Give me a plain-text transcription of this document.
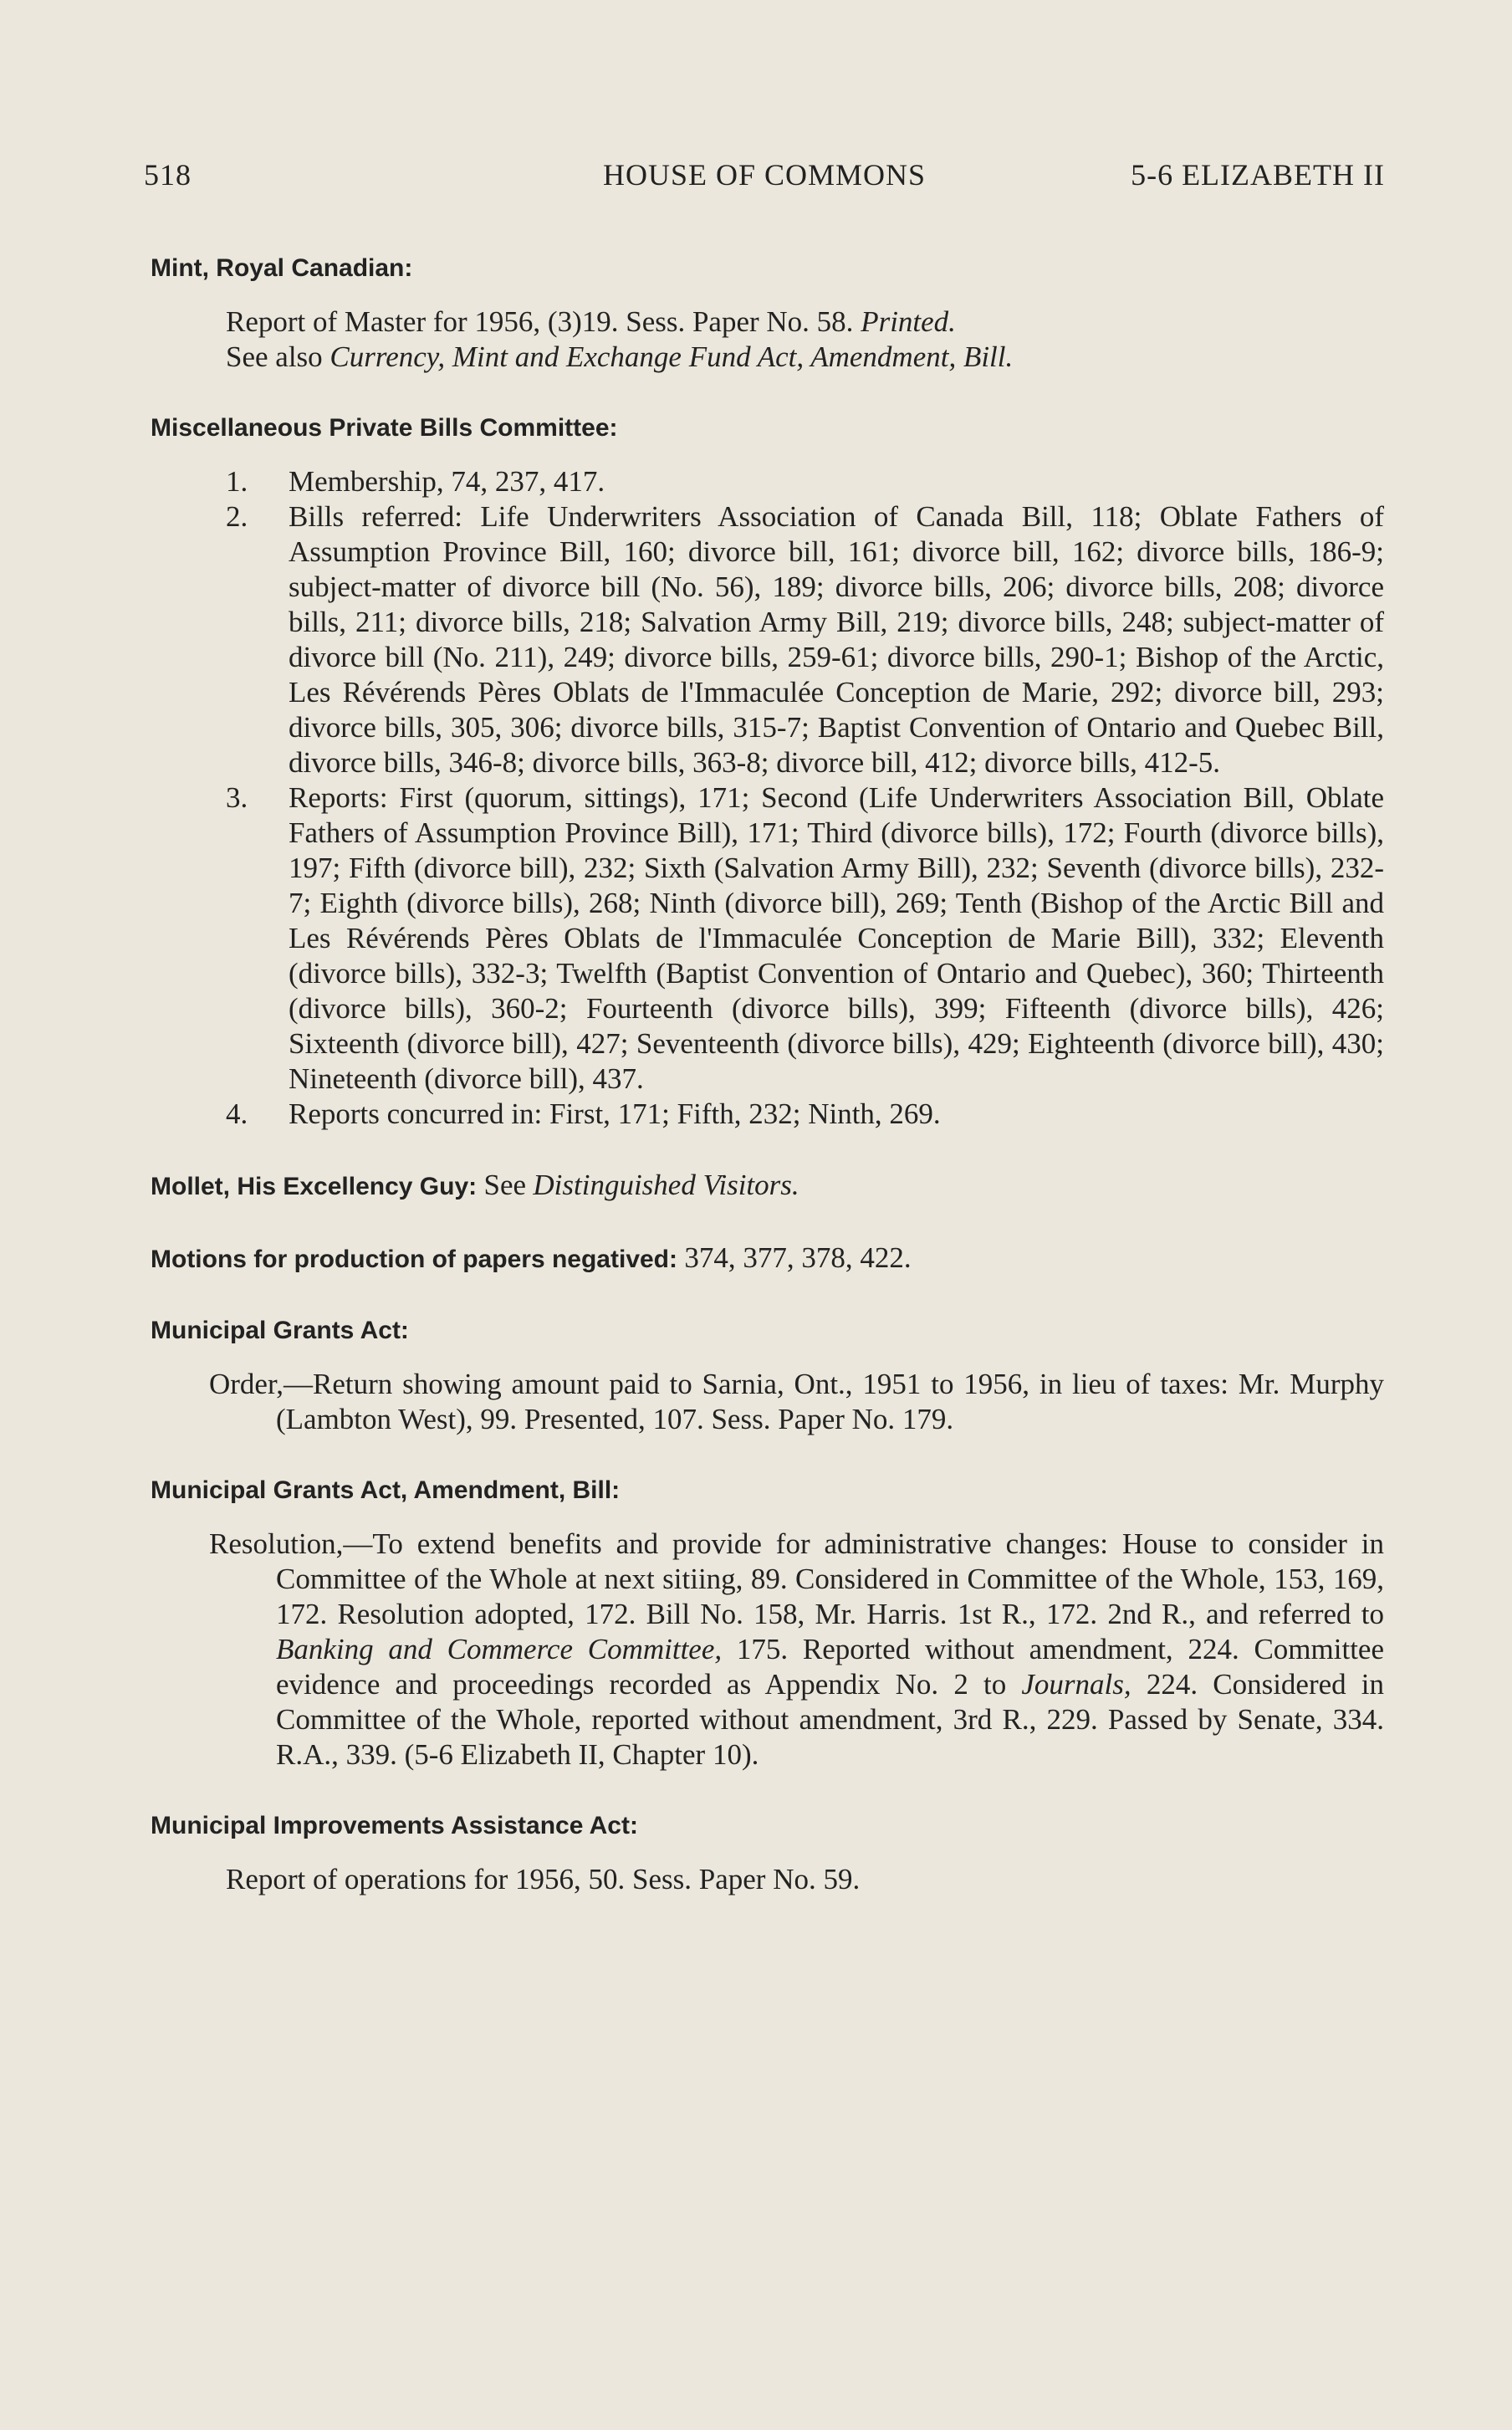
518	HOUSE OF COMMONS	5-6 ELIZABETH II
Mint, Royal Canadian:
Report of Master for 1956, (3)19. Sess. Paper No. 58. Printed.
See also Currency, Mint and Exchange Fund Act, Amendment, Bill.
Miscellaneous Private Bills Committee:
1.	Membership, 74, 237, 417.
2.	Bills referred: Life Underwriters Association of Canada Bill, 118; Oblate Fathers of Assumption Province Bill, 160; divorce bill, 161; divorce bill, 162; divorce bills, 186-9; subject-matter of divorce bill (No. 56), 189; divorce bills, 206; divorce bills, 208; divorce bills, 211; divorce bills, 218; Salvation Army Bill, 219; divorce bills, 248; subject-matter of divorce bill (No. 211), 249; divorce bills, 259-61; divorce bills, 290-1; Bishop of the Arctic, Les Révérends Pères Oblats de l'Immaculée Conception de Marie, 292; divorce bill, 293; divorce bills, 305, 306; divorce bills, 315-7; Baptist Convention of Ontario and Quebec Bill, divorce bills, 346-8; divorce bills, 363-8; divorce bill, 412; divorce bills, 412-5.
3.	Reports: First (quorum, sittings), 171; Second (Life Underwriters Association Bill, Oblate Fathers of Assumption Province Bill), 171; Third (divorce bills), 172; Fourth (divorce bills), 197; Fifth (divorce bill), 232; Sixth (Salvation Army Bill), 232; Seventh (divorce bills), 232-7; Eighth (divorce bills), 268; Ninth (divorce bill), 269; Tenth (Bishop of the Arctic Bill and Les Révérends Pères Oblats de l'Immaculée Conception de Marie Bill), 332; Eleventh (divorce bills), 332-3; Twelfth (Baptist Convention of Ontario and Quebec), 360; Thirteenth (divorce bills), 360-2; Fourteenth (divorce bills), 399; Fifteenth (divorce bills), 426; Sixteenth (divorce bill), 427; Seventeenth (divorce bills), 429; Eighteenth (divorce bill), 430; Nineteenth (divorce bill), 437.
4.	Reports concurred in: First, 171; Fifth, 232; Ninth, 269.
Mollet, His Excellency Guy: See Distinguished Visitors.
Motions for production of papers negatived: 374, 377, 378, 422.
Municipal Grants Act:
Order,—Return showing amount paid to Sarnia, Ont., 1951 to 1956, in lieu of taxes: Mr. Murphy (Lambton West), 99. Presented, 107. Sess. Paper No. 179.
Municipal Grants Act, Amendment, Bill:
Resolution,—To extend benefits and provide for administrative changes: House to consider in Committee of the Whole at next sitiing, 89. Considered in Committee of the Whole, 153, 169, 172. Resolution adopted, 172. Bill No. 158, Mr. Harris. 1st R., 172. 2nd R., and referred to Banking and Commerce Committee, 175. Reported without amendment, 224. Committee evidence and proceedings recorded as Appendix No. 2 to Journals, 224. Considered in Committee of the Whole, reported without amendment, 3rd R., 229. Passed by Senate, 334. R.A., 339. (5-6 Elizabeth II, Chapter 10).
Municipal Improvements Assistance Act:
Report of operations for 1956, 50. Sess. Paper No. 59.
